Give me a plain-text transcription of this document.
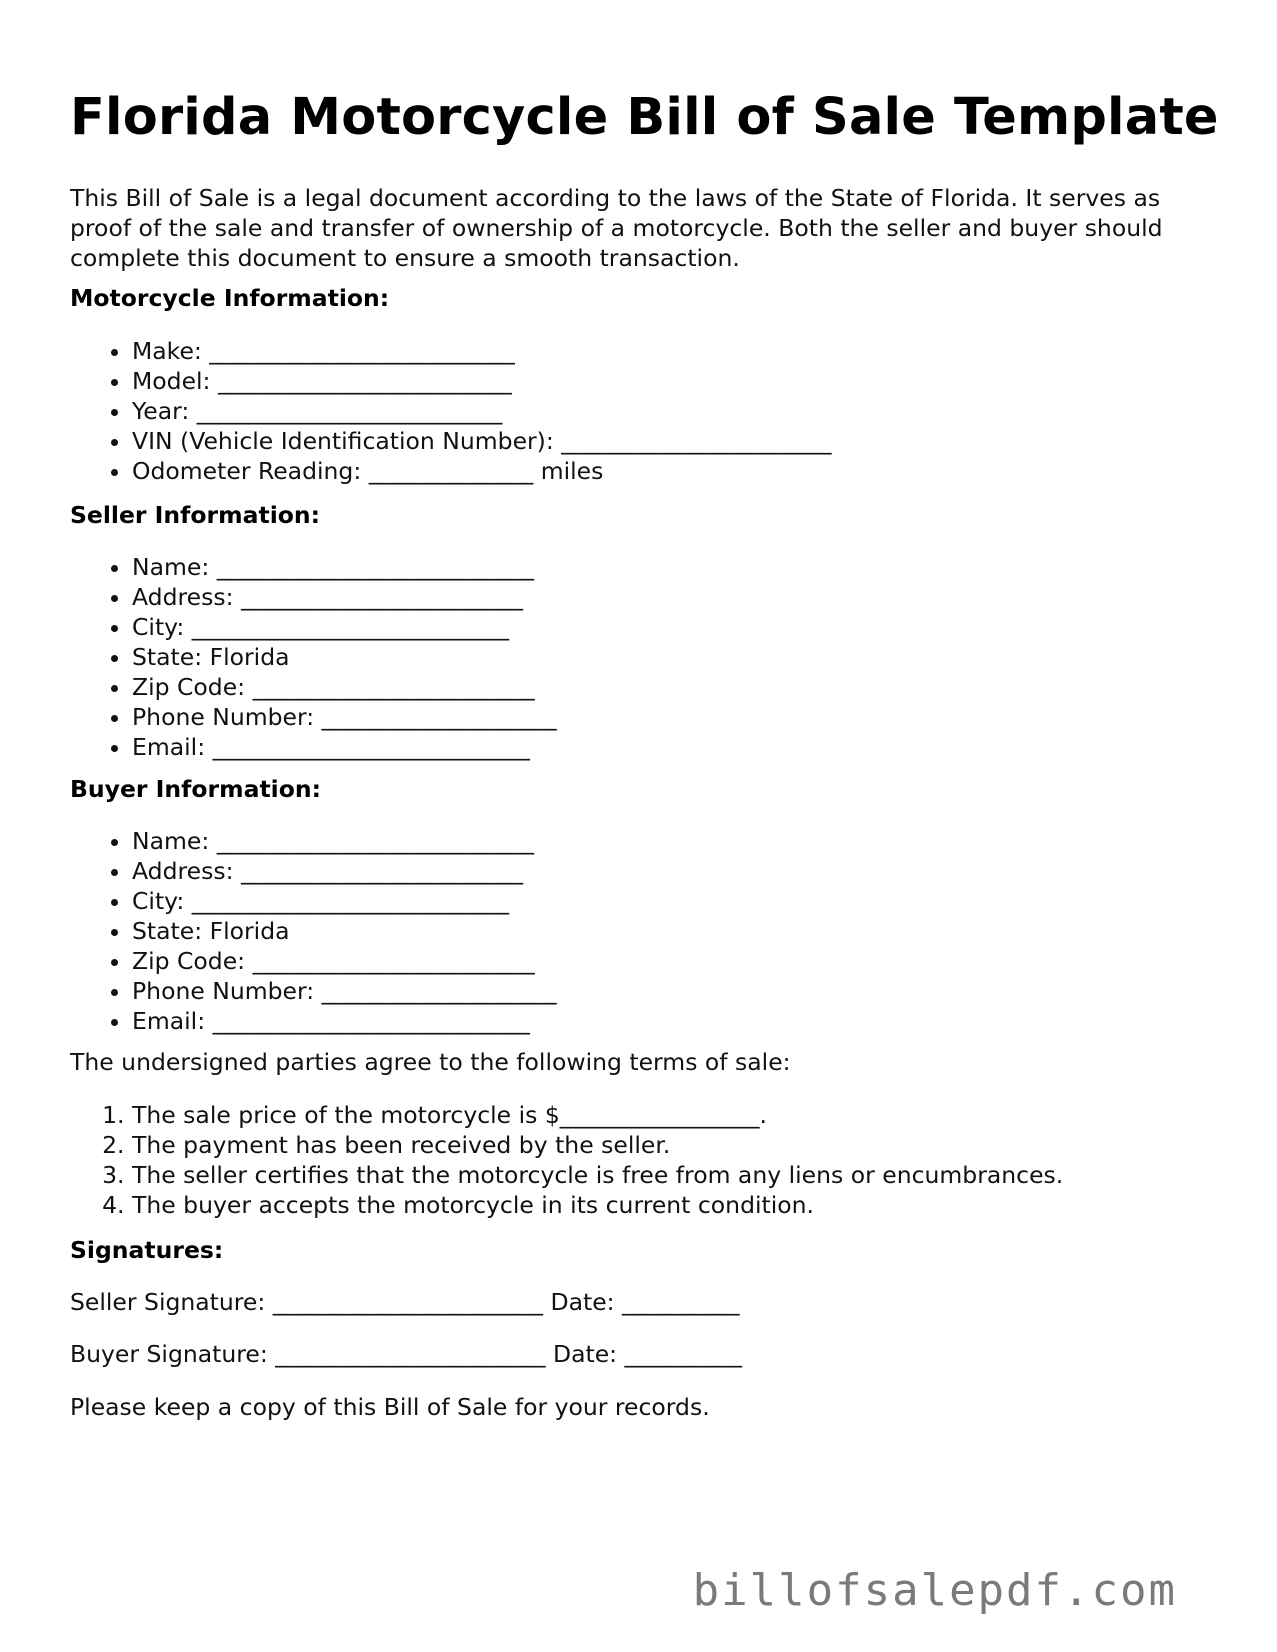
Florida Motorcycle Bill of Sale Template

This Bill of Sale is a legal document according to the laws of the State of Florida. It serves as proof of the sale and transfer of ownership of a motorcycle. Both the seller and buyer should complete this document to ensure a smooth transaction.

Motorcycle Information:

• Make: __________________________
• Model: _________________________
• Year: __________________________
• VIN (Vehicle Identification Number): _______________________
• Odometer Reading: ______________ miles

Seller Information:

• Name: ___________________________
• Address: ________________________
• City: ___________________________
• State: Florida
• Zip Code: ________________________
• Phone Number: ____________________
• Email: ___________________________

Buyer Information:

• Name: ___________________________
• Address: ________________________
• City: ___________________________
• State: Florida
• Zip Code: ________________________
• Phone Number: ____________________
• Email: ___________________________

The undersigned parties agree to the following terms of sale:

1. The sale price of the motorcycle is $_________________.
2. The payment has been received by the seller.
3. The seller certifies that the motorcycle is free from any liens or encumbrances.
4. The buyer accepts the motorcycle in its current condition.

Signatures:

Seller Signature: _______________________ Date: __________

Buyer Signature: _______________________ Date: __________

Please keep a copy of this Bill of Sale for your records.

billofsalepdf.com
